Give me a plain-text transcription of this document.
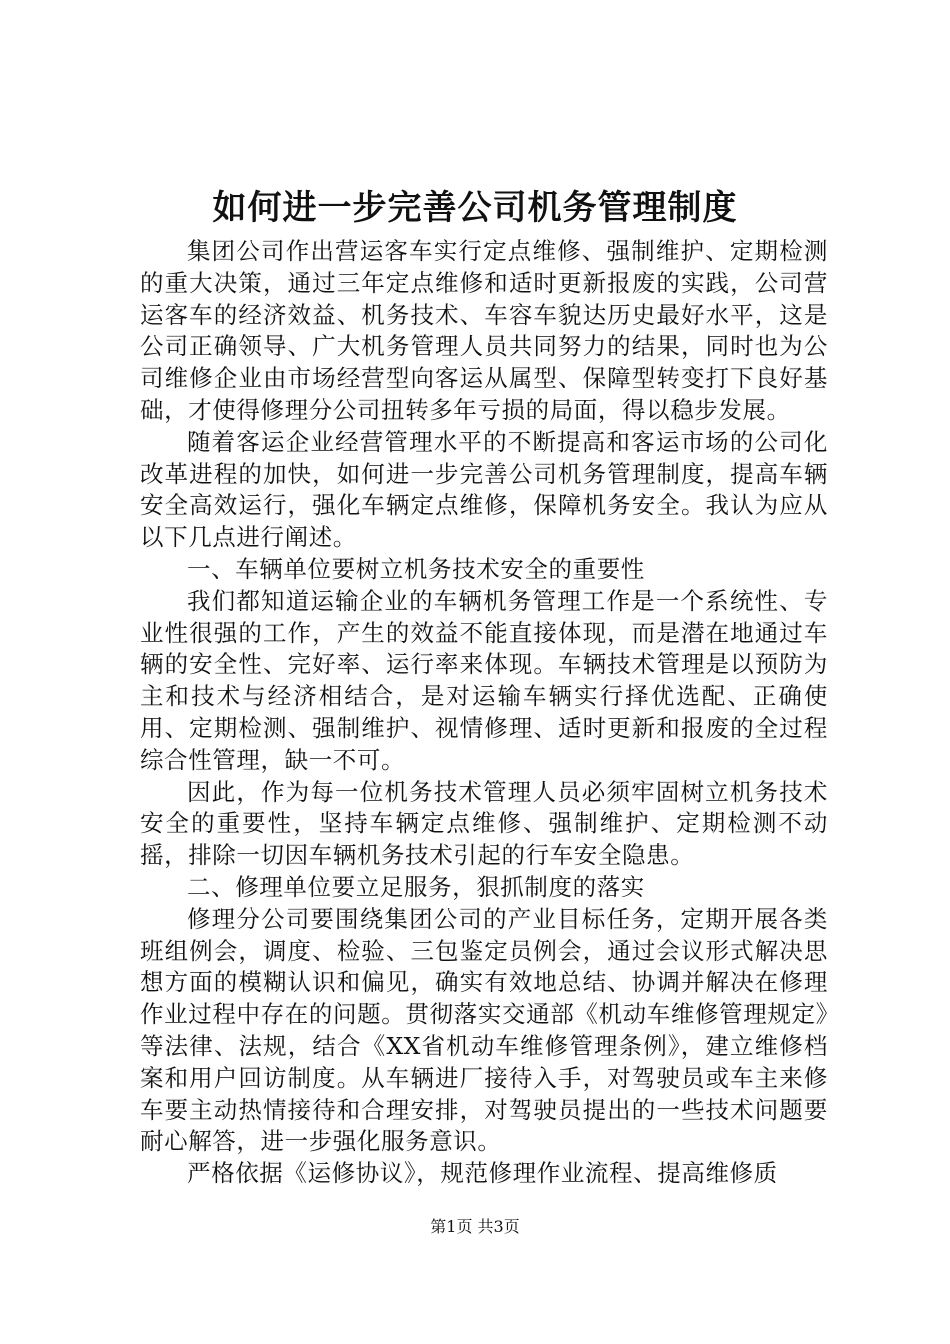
如何进一步完善公司机务管理制度

集团公司作出营运客车实行定点维修、强制维护、定期检测的重大决策，通过三年定点维修和适时更新报废的实践，公司营运客车的经济效益、机务技术、车容车貌达历史最好水平，这是公司正确领导、广大机务管理人员共同努力的结果，同时也为公司维修企业由市场经营型向客运从属型、保障型转变打下良好基础，才使得修理分公司扭转多年亏损的局面，得以稳步发展。

随着客运企业经营管理水平的不断提高和客运市场的公司化改革进程的加快，如何进一步完善公司机务管理制度，提高车辆安全高效运行，强化车辆定点维修，保障机务安全。我认为应从以下几点进行阐述。

一、车辆单位要树立机务技术安全的重要性

我们都知道运输企业的车辆机务管理工作是一个系统性、专业性很强的工作，产生的效益不能直接体现，而是潜在地通过车辆的安全性、完好率、运行率来体现。车辆技术管理是以预防为主和技术与经济相结合，是对运输车辆实行择优选配、正确使用、定期检测、强制维护、视情修理、适时更新和报废的全过程综合性管理，缺一不可。

因此，作为每一位机务技术管理人员必须牢固树立机务技术安全的重要性，坚持车辆定点维修、强制维护、定期检测不动摇，排除一切因车辆机务技术引起的行车安全隐患。

二、修理单位要立足服务，狠抓制度的落实

修理分公司要围绕集团公司的产业目标任务，定期开展各类班组例会，调度、检验、三包鉴定员例会，通过会议形式解决思想方面的模糊认识和偏见，确实有效地总结、协调并解决在修理作业过程中存在的问题。贯彻落实交通部《机动车维修管理规定》等法律、法规，结合《XX省机动车维修管理条例》，建立维修档案和用户回访制度。从车辆进厂接待入手，对驾驶员或车主来修车要主动热情接待和合理安排，对驾驶员提出的一些技术问题要耐心解答，进一步强化服务意识。

严格依据《运修协议》，规范修理作业流程、提高维修质

第1页 共3页
